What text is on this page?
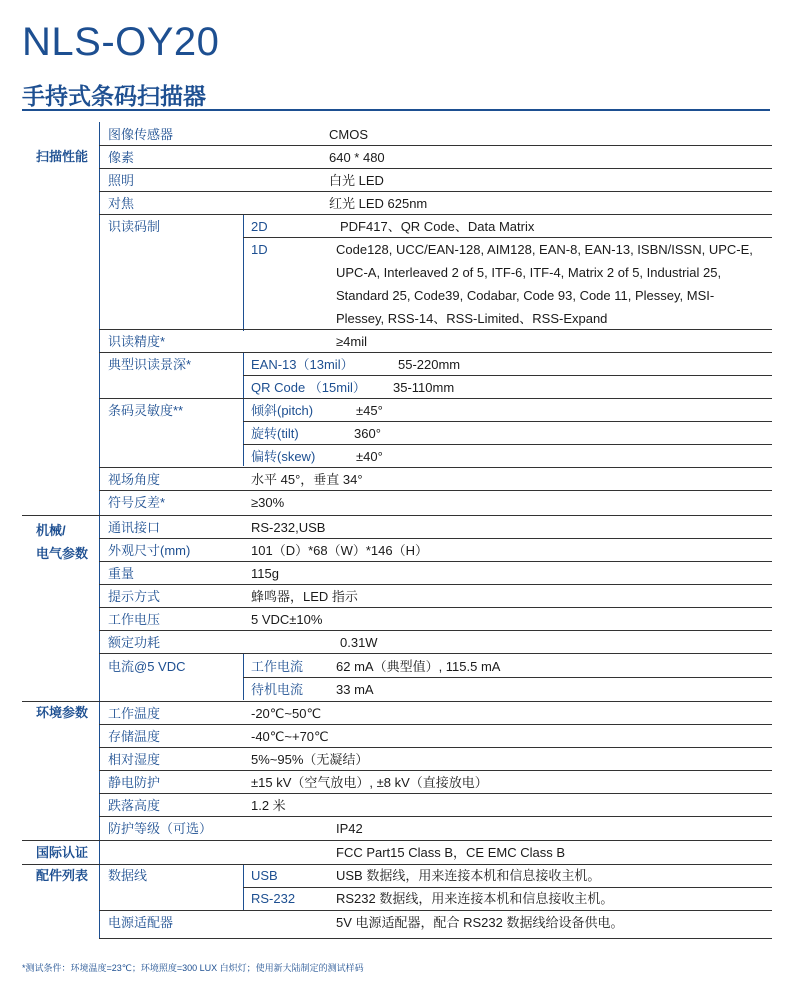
NLS-OY20
手持式条码扫描器
扫描性能
机械/
电气参数
环境参数
国际认证
配件列表
图像传感器	CMOS
像素	640 * 480
照明	白光 LED
对焦	红光 LED 625nm
识读码制	2D	PDF417、QR Code、Data Matrix
1D	Code128, UCC/EAN-128, AIM128, EAN-8, EAN-13, ISBN/ISSN, UPC-E, UPC-A, Interleaved 2 of 5, ITF-6, ITF-4, Matrix 2 of 5, Industrial 25, Standard 25, Code39, Codabar, Code 93, Code 11, Plessey, MSI-Plessey, RSS-14、RSS-Limited、RSS-Expand
识读精度*	≥4mil
典型识读景深*	EAN-13（13mil）	55-220mm
QR Code （15mil） 35-110mm
条码灵敏度**	倾斜(pitch)	±45°
旋转(tilt)	360°
偏转(skew)	±40°
视场角度	水平 45°，垂直 34°
符号反差*	≥30%
通讯接口	RS-232,USB
外观尺寸(mm)	101（D）*68（W）*146（H）
重量	115g
提示方式	蜂鸣器，LED 指示
工作电压	5 VDC±10%
额定功耗	0.31W
电流@5 VDC	工作电流	62 mA（典型值）, 115.5 mA
待机电流	33 mA
工作温度	-20℃~50℃
存储温度	-40℃~+70℃
相对湿度	5%~95%（无凝结）
静电防护	±15 kV（空气放电）, ±8 kV（直接放电）
跌落高度	1.2 米
防护等级（可选）	IP42
FCC Part15 Class B，CE EMC Class B
数据线	USB	USB 数据线，用来连接本机和信息接收主机。
RS-232	RS232 数据线，用来连接本机和信息接收主机。
电源适配器	5V 电源适配器，配合 RS232 数据线给设备供电。
*测试条件：环境温度=23℃；环境照度=300 LUX 白炽灯；使用新大陆制定的测试样码
